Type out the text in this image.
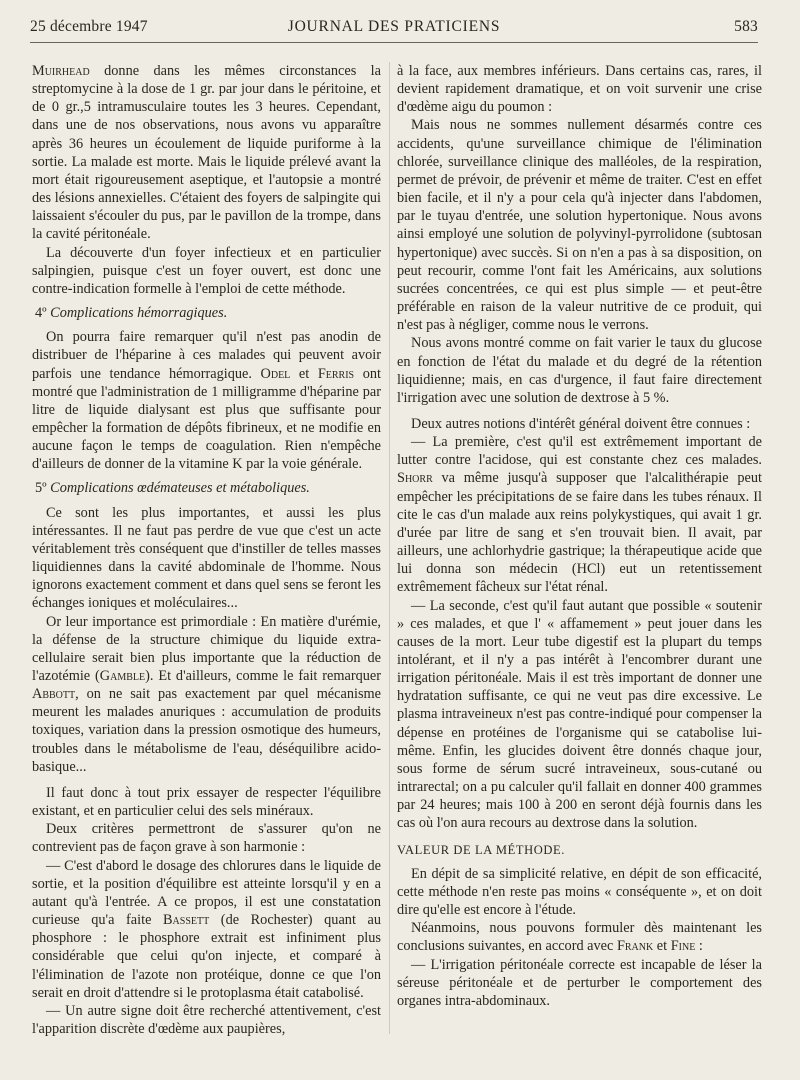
25 décembre 1947	JOURNAL DES PRATICIENS	583

Muirhead donne dans les mêmes circonstances la streptomycine à la dose de 1 gr. par jour dans le péritoine, et de 0 gr.,5 intramusculaire toutes les 3 heures. Cependant, dans une de nos observations, nous avons vu apparaître après 36 heures un écoulement de liquide puriforme à la sortie. La malade est morte. Mais le liquide prélevé avant la mort était rigoureusement aseptique, et l'autopsie a montré des lésions annexielles. C'étaient des foyers de salpingite qui laissaient s'écouler du pus, par le pavillon de la trompe, dans la cavité péritonéale.

La découverte d'un foyer infectieux et en particulier salpingien, puisque c'est un foyer ouvert, est donc une contre-indication formelle à l'emploi de cette méthode.

4º Complications hémorragiques.

On pourra faire remarquer qu'il n'est pas anodin de distribuer de l'héparine à ces malades qui peuvent avoir parfois une tendance hémorragique. Odel et Ferris ont montré que l'administration de 1 milligramme d'héparine par litre de liquide dialysant est plus que suffisante pour empêcher la formation de dépôts fibrineux, et ne modifie en aucune façon le temps de coagulation. Rien n'empêche d'ailleurs de donner de la vitamine K par la voie générale.

5º Complications œdémateuses et métaboliques.

Ce sont les plus importantes, et aussi les plus intéressantes. Il ne faut pas perdre de vue que c'est un acte véritablement très conséquent que d'instiller de telles masses liquidiennes dans la cavité abdominale de l'homme. Nous ignorons exactement comment et dans quel sens se feront les échanges ioniques et moléculaires...

Or leur importance est primordiale : En matière d'urémie, la défense de la structure chimique du liquide extra-cellulaire serait bien plus importante que la réduction de l'azotémie (Gamble). Et d'ailleurs, comme le fait remarquer Abbott, on ne sait pas exactement par quel mécanisme meurent les malades anuriques : accumulation de produits toxiques, variation dans la pression osmotique des humeurs, troubles dans le métabolisme de l'eau, déséquilibre acido-basique...

Il faut donc à tout prix essayer de respecter l'équilibre existant, et en particulier celui des sels minéraux.

Deux critères permettront de s'assurer qu'on ne contrevient pas de façon grave à son harmonie :

— C'est d'abord le dosage des chlorures dans le liquide de sortie, et la position d'équilibre est atteinte lorsqu'il y en a autant qu'à l'entrée. A ce propos, il est une constatation curieuse qu'a faite Bassett (de Rochester) quant au phosphore : le phosphore extrait est infiniment plus considérable que celui qu'on injecte, et comparé à l'élimination de l'azote non protéique, donne ce que l'on serait en droit d'attendre si le protoplasma était catabolisé.

— Un autre signe doit être recherché attentivement, c'est l'apparition discrète d'œdème aux paupières,

à la face, aux membres inférieurs. Dans certains cas, rares, il devient rapidement dramatique, et on voit survenir une crise d'œdème aigu du poumon :

Mais nous ne sommes nullement désarmés contre ces accidents, qu'une surveillance chimique de l'élimination chlorée, surveillance clinique des malléoles, de la respiration, permet de prévoir, de prévenir et même de traiter. C'est en effet bien facile, et il n'y a pour cela qu'à injecter dans l'abdomen, par le tuyau d'entrée, une solution hypertonique. Nous avons ainsi employé une solution de polyvinyl-pyrrolidone (subtosan hypertonique) avec succès. Si on n'en a pas à sa disposition, on peut recourir, comme l'ont fait les Américains, aux solutions sucrées concentrées, ce qui est plus simple — et peut-être préférable en raison de la valeur nutritive de ce produit, qui n'est pas à négliger, comme nous le verrons.

Nous avons montré comme on fait varier le taux du glucose en fonction de l'état du malade et du degré de la rétention liquidienne; mais, en cas d'urgence, il faut faire directement l'irrigation avec une solution de dextrose à 5 %.

Deux autres notions d'intérêt général doivent être connues :

— La première, c'est qu'il est extrêmement important de lutter contre l'acidose, qui est constante chez ces malades. Shorr va même jusqu'à supposer que l'alcalithérapie peut empêcher les précipitations de se faire dans les tubes rénaux. Il cite le cas d'un malade aux reins polykystiques, qui avait 1 gr. d'urée par litre de sang et s'en trouvait bien. Il avait, par ailleurs, une achlorhydrie gastrique; la thérapeutique acide que lui donna son médecin (HCl) eut un retentissement extrêmement fâcheux sur l'état rénal.

— La seconde, c'est qu'il faut autant que possible « soutenir » ces malades, et que l' « affamement » peut jouer dans les causes de la mort. Leur tube digestif est la plupart du temps intolérant, et il n'y a pas intérêt à l'encombrer durant une irrigation péritonéale. Mais il est très important de donner une hydratation suffisante, ce qui ne veut pas dire excessive. Le plasma intraveineux n'est pas contre-indiqué pour compenser la dépense en protéines de l'organisme qui se catabolise lui-même. Enfin, les glucides doivent être donnés chaque jour, sous forme de sérum sucré intraveineux, sous-cutané ou intrarectal; on a pu calculer qu'il fallait en donner 400 grammes par 24 heures; mais 100 à 200 en seront déjà fournis dans les cas où l'on aura recours au dextrose dans la solution.

VALEUR DE LA MÉTHODE.

En dépit de sa simplicité relative, en dépit de son efficacité, cette méthode n'en reste pas moins « conséquente », et on doit dire qu'elle est encore à l'étude.

Néanmoins, nous pouvons formuler dès maintenant les conclusions suivantes, en accord avec Frank et Fine :

— L'irrigation péritonéale correcte est incapable de léser la séreuse péritonéale et de perturber le comportement des organes intra-abdominaux.
